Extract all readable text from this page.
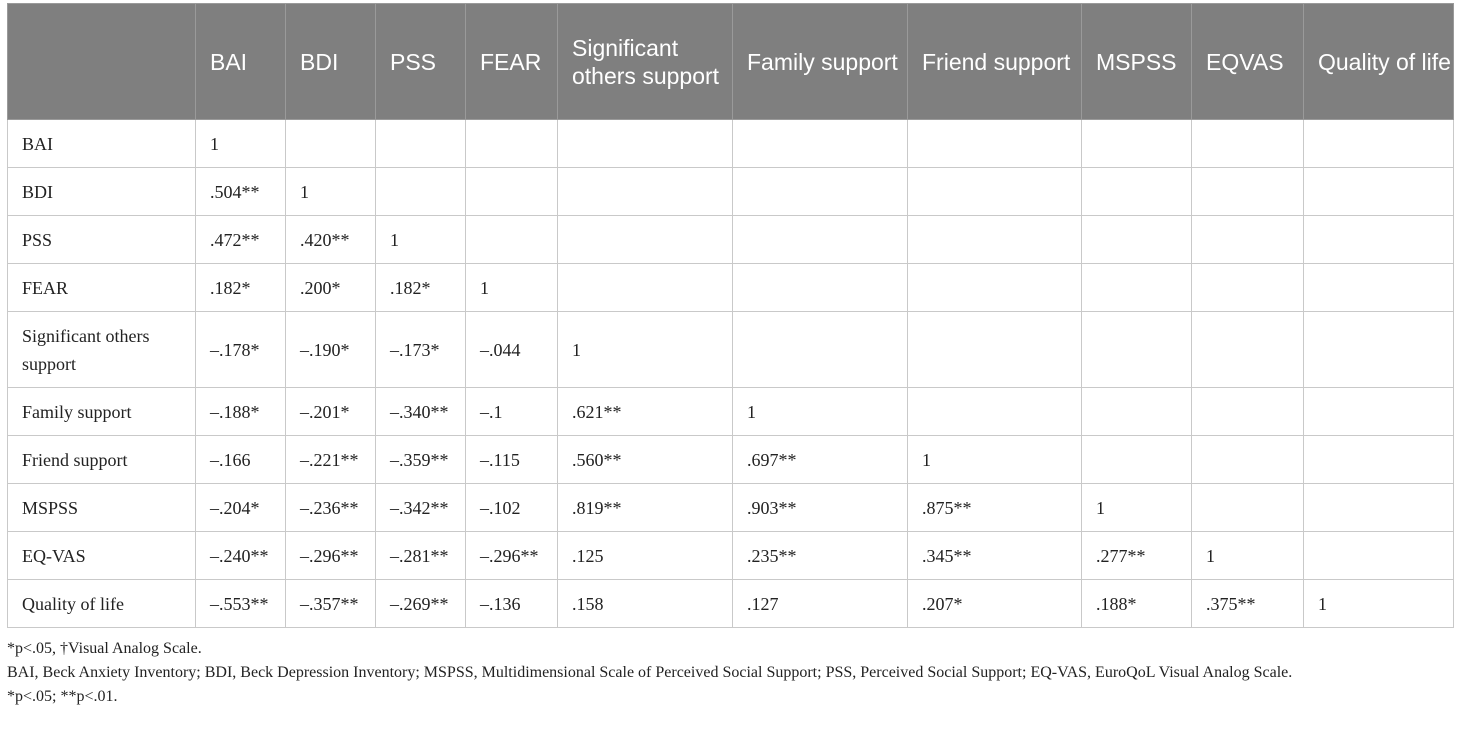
	BAI	BDI	PSS	FEAR	Significant others support	Family support	Friend support	MSPSS	EQVAS	Quality of life
BAI	1									
BDI	.504**	1								
PSS	.472**	.420**	1							
FEAR	.182*	.200*	.182*	1						
Significant others support	–.178*	–.190*	–.173*	–.044	1					
Family support	–.188*	–.201*	–.340**	–.1	.621**	1				
Friend support	–.166	–.221**	–.359**	–.115	.560**	.697**	1			
MSPSS	–.204*	–.236**	–.342**	–.102	.819**	.903**	.875**	1		
EQ-VAS	–.240**	–.296**	–.281**	–.296**	.125	.235**	.345**	.277**	1	
Quality of life	–.553**	–.357**	–.269**	–.136	.158	.127	.207*	.188*	.375**	1

*p<.05, †Visual Analog Scale.

BAI, Beck Anxiety Inventory; BDI, Beck Depression Inventory; MSPSS, Multidimensional Scale of Perceived Social Support; PSS, Perceived Social Support; EQ-VAS, EuroQoL Visual Analog Scale.

*p<.05; **p<.01.
